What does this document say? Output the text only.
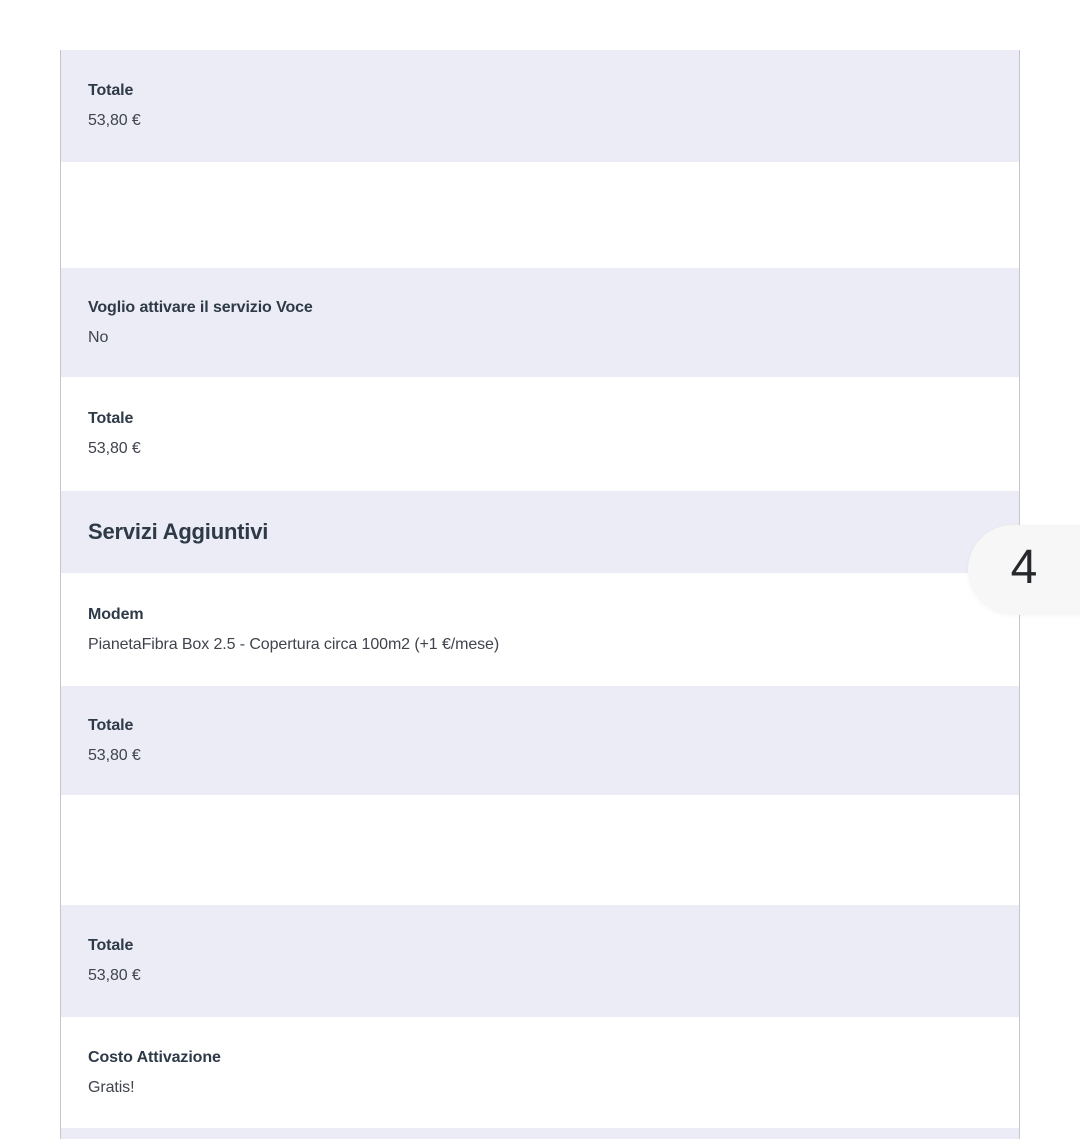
Totale
53,80 €
Voglio attivare il servizio Voce
No
Totale
53,80 €
Servizi Aggiuntivi
Modem
PianetaFibra Box 2.5 - Copertura circa 100m2 (+1 €/mese)
Totale
53,80 €
Totale
53,80 €
Costo Attivazione
Gratis!
4
